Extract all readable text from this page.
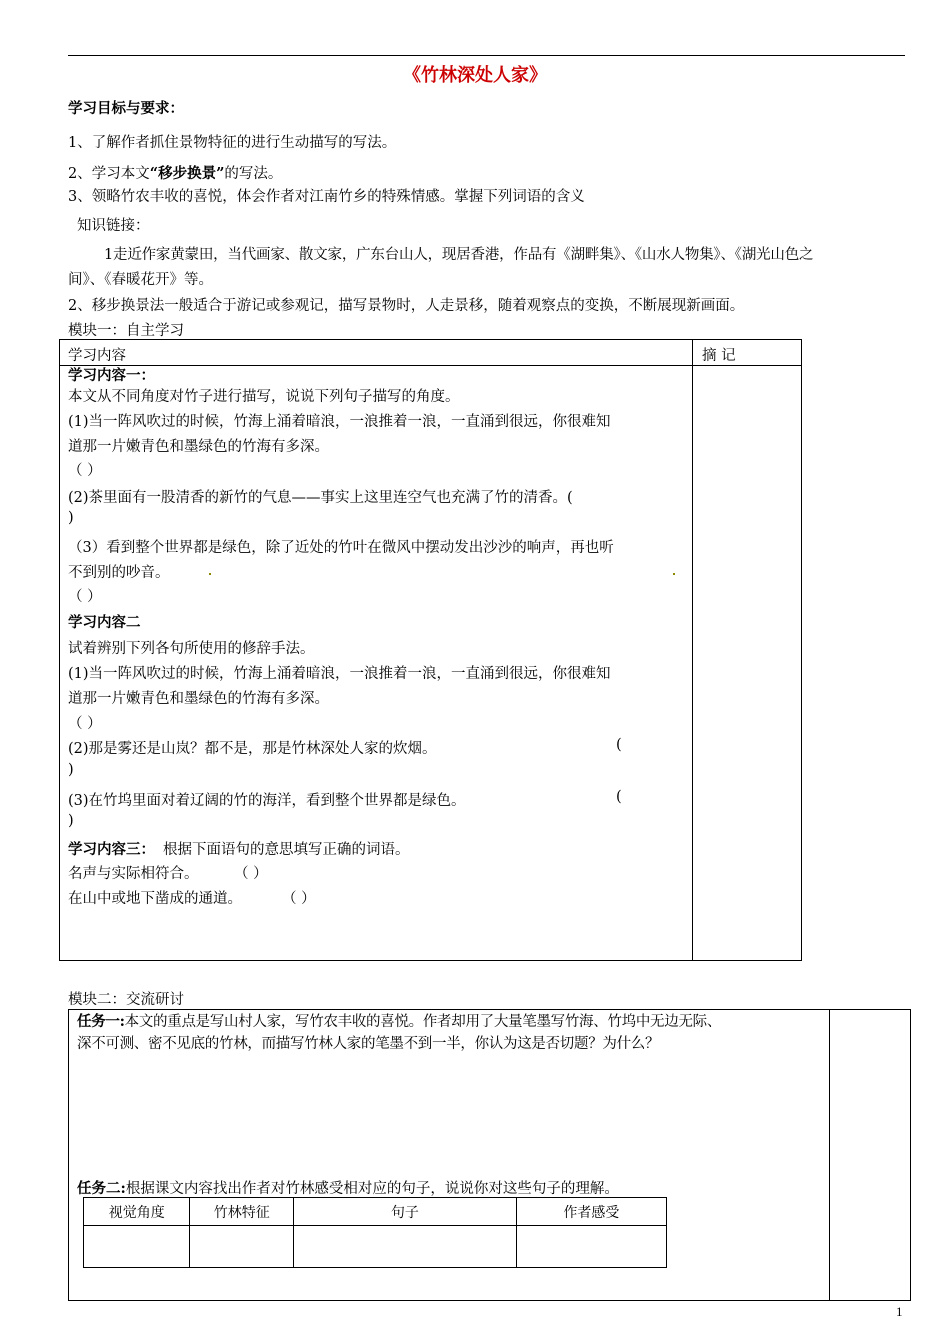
《竹林深处人家》
学习目标与要求：
1、了解作者抓住景物特征的进行生动描写的写法。
2、学习本文“移步换景”的写法。
3、领略竹农丰收的喜悦，体会作者对江南竹乡的特殊情感。掌握下列词语的含义
知识链接：
1走近作家黄蒙田，当代画家、散文家，广东台山人，现居香港，作品有《湖畔集》、《山水人物集》、《湖光山色之
间》、《春暖花开》等。
2、移步换景法一般适合于游记或参观记，描写景物时，人走景移，随着观察点的变换，不断展现新画面。
模块一：自主学习
学习内容	摘 记
学习内容一：
本文从不同角度对竹子进行描写，说说下列句子描写的角度。
(1)当一阵风吹过的时候，竹海上涌着暗浪，一浪推着一浪，一直涌到很远，你很难知
道那一片嫩青色和墨绿色的竹海有多深。
（ ）
(2)茶里面有一股清香的新竹的气息——事实上这里连空气也充满了竹的清香。(
)
（3）看到整个世界都是绿色，除了近处的竹叶在微风中摆动发出沙沙的响声，再也听
不到别的吵音。
（ ）
学习内容二
试着辨别下列各句所使用的修辞手法。
(1)当一阵风吹过的时候，竹海上涌着暗浪，一浪推着一浪，一直涌到很远，你很难知
道那一片嫩青色和墨绿色的竹海有多深。
（ ）
(2)那是雾还是山岚？都不是，那是竹林深处人家的炊烟。	(
)
(3)在竹坞里面对着辽阔的竹的海洋，看到整个世界都是绿色。	(
)
学习内容三： 根据下面语句的意思填写正确的词语。
名声与实际相符合。 （ ）
在山中或地下凿成的通道。	（ ）
模块二：交流研讨
任务一:本文的重点是写山村人家，写竹农丰收的喜悦。作者却用了大量笔墨写竹海、竹坞中无边无际、
深不可测、密不见底的竹林，而描写竹林人家的笔墨不到一半，你认为这是否切题？为什么？
任务二:根据课文内容找出作者对竹林感受相对应的句子，说说你对这些句子的理解。
视觉角度	竹林特征	句子	作者感受

1
